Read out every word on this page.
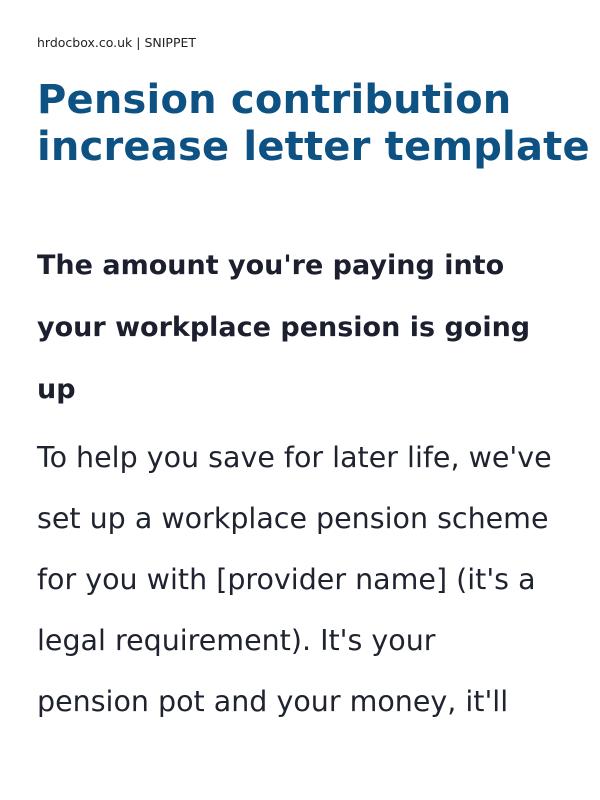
hrdocbox.co.uk | SNIPPET
Pension contribution
increase letter template
The amount you're paying into
your workplace pension is going
up

To help you save for later life, we've
set up a workplace pension scheme
for you with [provider name] (it's a
legal requirement). It's your
pension pot and your money, it'll
